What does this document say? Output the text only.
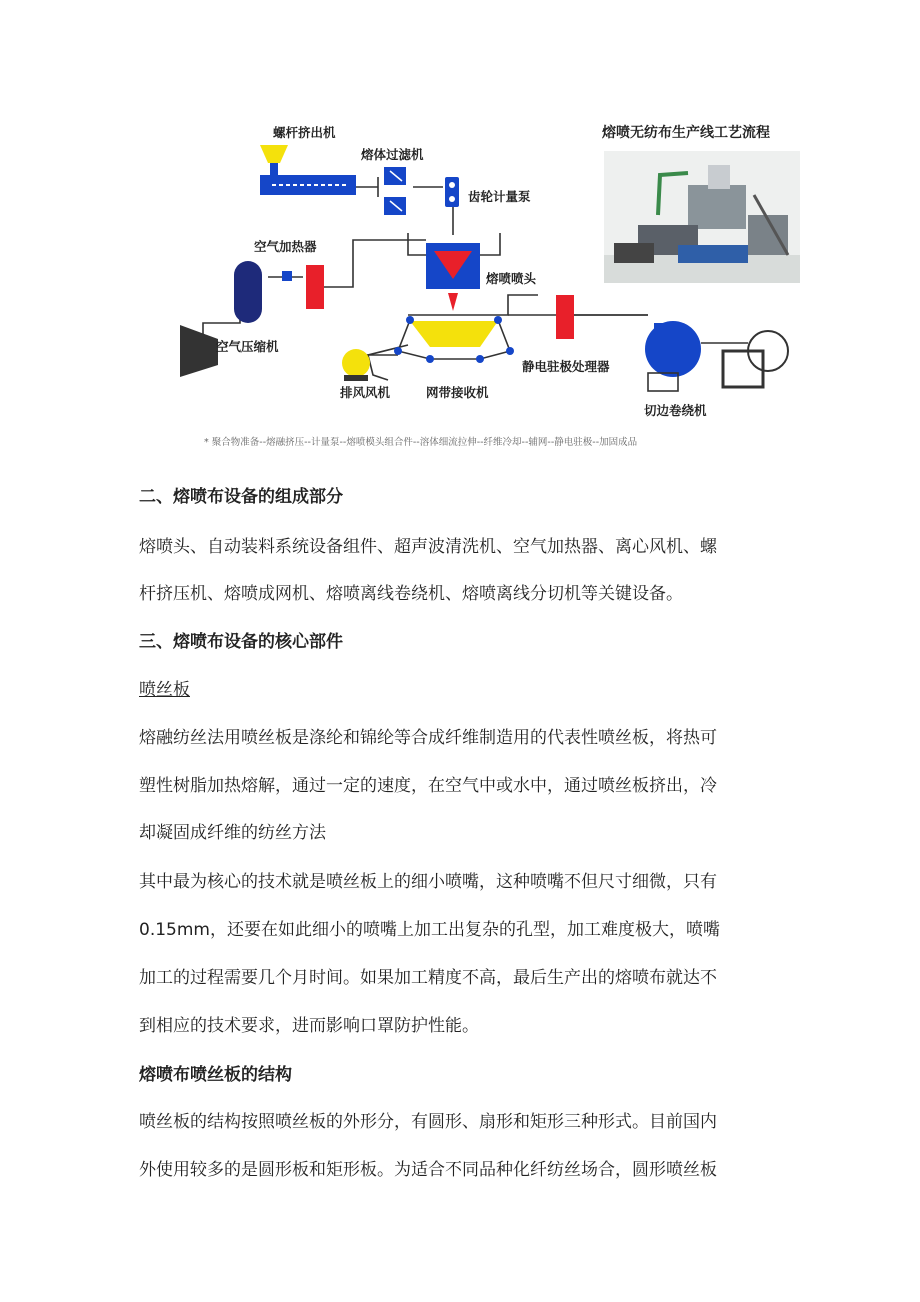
螺杆挤出机
熔体过滤机
齿轮计量泵
空气加热器
熔喷喷头
空气压缩机
静电驻极处理器
排风风机	网带接收机
切边卷绕机
熔喷无纺布生产线工艺流程
* 聚合物准备--熔融挤压--计量泵--熔喷模头组合件--溶体细流拉伸--纤维冷却--辅网--静电驻极--加固成品
二、熔喷布设备的组成部分
熔喷头、自动装料系统设备组件、超声波清洗机、空气加热器、离心风机、螺
杆挤压机、熔喷成网机、熔喷离线卷绕机、熔喷离线分切机等关键设备。
三、熔喷布设备的核心部件
喷丝板
熔融纺丝法用喷丝板是涤纶和锦纶等合成纤维制造用的代表性喷丝板，将热可
塑性树脂加热熔解，通过一定的速度，在空气中或水中，通过喷丝板挤出，冷
却凝固成纤维的纺丝方法
其中最为核心的技术就是喷丝板上的细小喷嘴，这种喷嘴不但尺寸细微，只有
0.15mm，还要在如此细小的喷嘴上加工出复杂的孔型，加工难度极大，喷嘴
加工的过程需要几个月时间。如果加工精度不高，最后生产出的熔喷布就达不
到相应的技术要求，进而影响口罩防护性能。
熔喷布喷丝板的结构
喷丝板的结构按照喷丝板的外形分，有圆形、扇形和矩形三种形式。目前国内
外使用较多的是圆形板和矩形板。为适合不同品种化纤纺丝场合，圆形喷丝板
